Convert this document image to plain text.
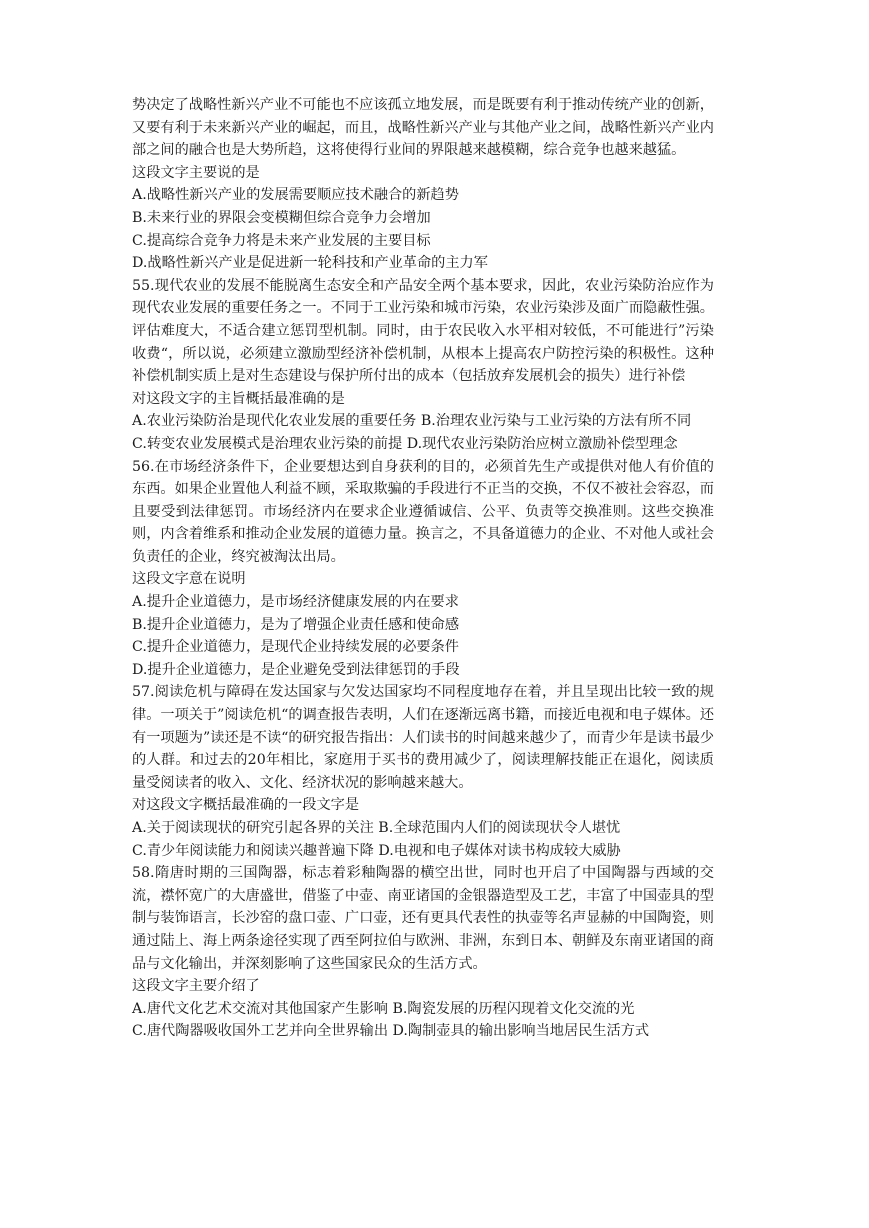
势决定了战略性新兴产业不可能也不应该孤立地发展，而是既要有利于推动传统产业的创新，又要有利于未来新兴产业的崛起，而且，战略性新兴产业与其他产业之间，战略性新兴产业内部之间的融合也是大势所趋，这将使得行业间的界限越来越模糊，综合竞争也越来越猛。

这段文字主要说的是

A.战略性新兴产业的发展需要顺应技术融合的新趋势

B.未来行业的界限会变模糊但综合竞争力会增加

C.提高综合竞争力将是未来产业发展的主要目标

D.战略性新兴产业是促进新一轮科技和产业革命的主力军

55.现代农业的发展不能脱离生态安全和产品安全两个基本要求，因此，农业污染防治应作为现代农业发展的重要任务之一。不同于工业污染和城市污染，农业污染涉及面广而隐蔽性强。评估难度大，不适合建立惩罚型机制。同时，由于农民收入水平相对较低，不可能进行”污染收费“，所以说，必须建立激励型经济补偿机制，从根本上提高农户防控污染的积极性。这种补偿机制实质上是对生态建设与保护所付出的成本（包括放弃发展机会的损失）进行补偿

对这段文字的主旨概括最准确的是

A.农业污染防治是现代化农业发展的重要任务 B.治理农业污染与工业污染的方法有所不同

C.转变农业发展模式是治理农业污染的前提 D.现代农业污染防治应树立激励补偿型理念

56.在市场经济条件下，企业要想达到自身获利的目的，必须首先生产或提供对他人有价值的东西。如果企业置他人利益不顾，采取欺骗的手段进行不正当的交换，不仅不被社会容忍，而且要受到法律惩罚。市场经济内在要求企业遵循诚信、公平、负责等交换准则。这些交换准则，内含着维系和推动企业发展的道德力量。换言之，不具备道德力的企业、不对他人或社会负责任的企业，终究被淘汰出局。

这段文字意在说明

A.提升企业道德力，是市场经济健康发展的内在要求

B.提升企业道德力，是为了增强企业责任感和使命感

C.提升企业道德力，是现代企业持续发展的必要条件

D.提升企业道德力，是企业避免受到法律惩罚的手段

57.阅读危机与障碍在发达国家与欠发达国家均不同程度地存在着，并且呈现出比较一致的规律。一项关于”阅读危机“的调查报告表明，人们在逐渐远离书籍，而接近电视和电子媒体。还有一项题为”读还是不读“的研究报告指出：人们读书的时间越来越少了，而青少年是读书最少的人群。和过去的20年相比，家庭用于买书的费用减少了，阅读理解技能正在退化，阅读质量受阅读者的收入、文化、经济状况的影响越来越大。

对这段文字概括最准确的一段文字是

A.关于阅读现状的研究引起各界的关注 B.全球范围内人们的阅读现状令人堪忧

C.青少年阅读能力和阅读兴趣普遍下降 D.电视和电子媒体对读书构成较大威胁

58.隋唐时期的三国陶器，标志着彩釉陶器的横空出世，同时也开启了中国陶器与西域的交流，襟怀宽广的大唐盛世，借鉴了中壶、南亚诸国的金银器造型及工艺，丰富了中国壶具的型制与装饰语言，长沙窑的盘口壶、广口壶，还有更具代表性的执壶等名声显赫的中国陶瓷，则通过陆上、海上两条途径实现了西至阿拉伯与欧洲、非洲，东到日本、朝鲜及东南亚诸国的商品与文化输出，并深刻影响了这些国家民众的生活方式。

这段文字主要介绍了

A.唐代文化艺术交流对其他国家产生影响 B.陶瓷发展的历程闪现着文化交流的光

C.唐代陶器吸收国外工艺并向全世界输出 D.陶制壶具的输出影响当地居民生活方式
